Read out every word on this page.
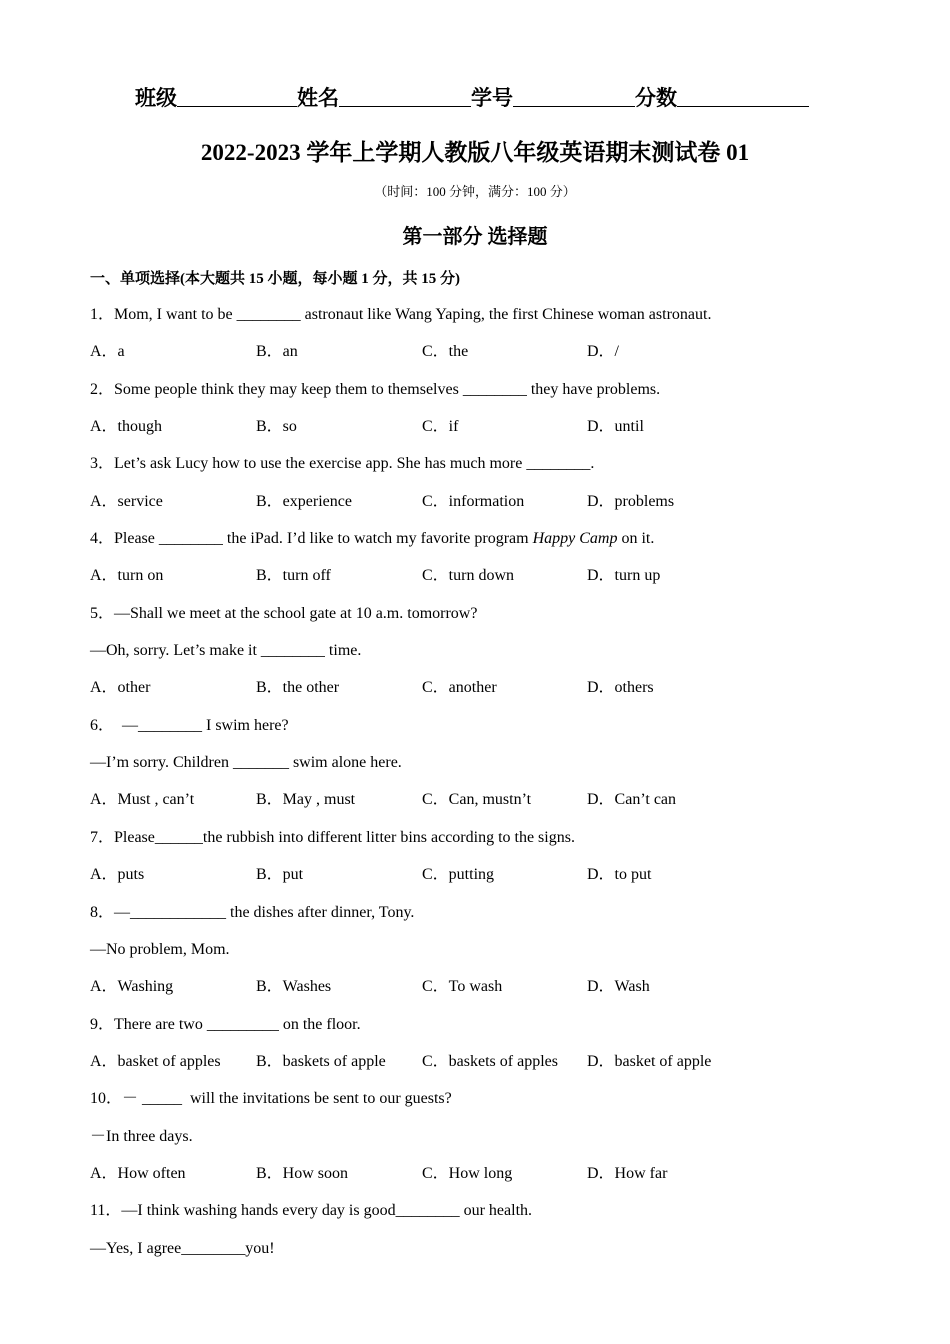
班级	姓名	学号	分数
2022-2023 学年上学期人教版八年级英语期末测试卷 01
（时间：100 分钟，满分：100 分）
第一部分 选择题
一、单项选择(本大题共 15 小题，每小题 1 分，共 15 分)
1．Mom, I want to be ________ astronaut like Wang Yaping, the first Chinese woman astronaut.
A．a	B．an	C．the	D．/
2．Some people think they may keep them to themselves ________ they have problems.
A．though	B．so	C．if	D．until
3．Let’s ask Lucy how to use the exercise app. She has much more ________.
A．service	B．experience	C．information	D．problems
4．Please ________ the iPad. I’d like to watch my favorite program Happy Camp on it.
A．turn on	B．turn off	C．turn down	D．turn up
5．—Shall we meet at the school gate at 10 a.m. tomorrow?
—Oh, sorry. Let’s make it ________ time.
A．other	B．the other	C．another	D．others
6．  —________ I swim here?
—I’m sorry. Children _______ swim alone here.
A．Must , can’t	B．May , must	C．Can, mustn’t	D．Can’t can
7．Please______the rubbish into different litter bins according to the signs.
A．puts	B．put	C．putting	D．to put
8．—____________ the dishes after dinner, Tony.
—No problem, Mom.
A．Washing	B．Washes	C．To wash	D．Wash
9．There are two _________ on the floor.
A．basket of apples B．baskets of apple C．baskets of apples D．basket of apple
10．－ _____  will the invitations be sent to our guests?
－In three days.
A．How often	B．How soon	C．How long	D．How far
11．—I think washing hands every day is good________ our health.
—Yes, I agree________you!
